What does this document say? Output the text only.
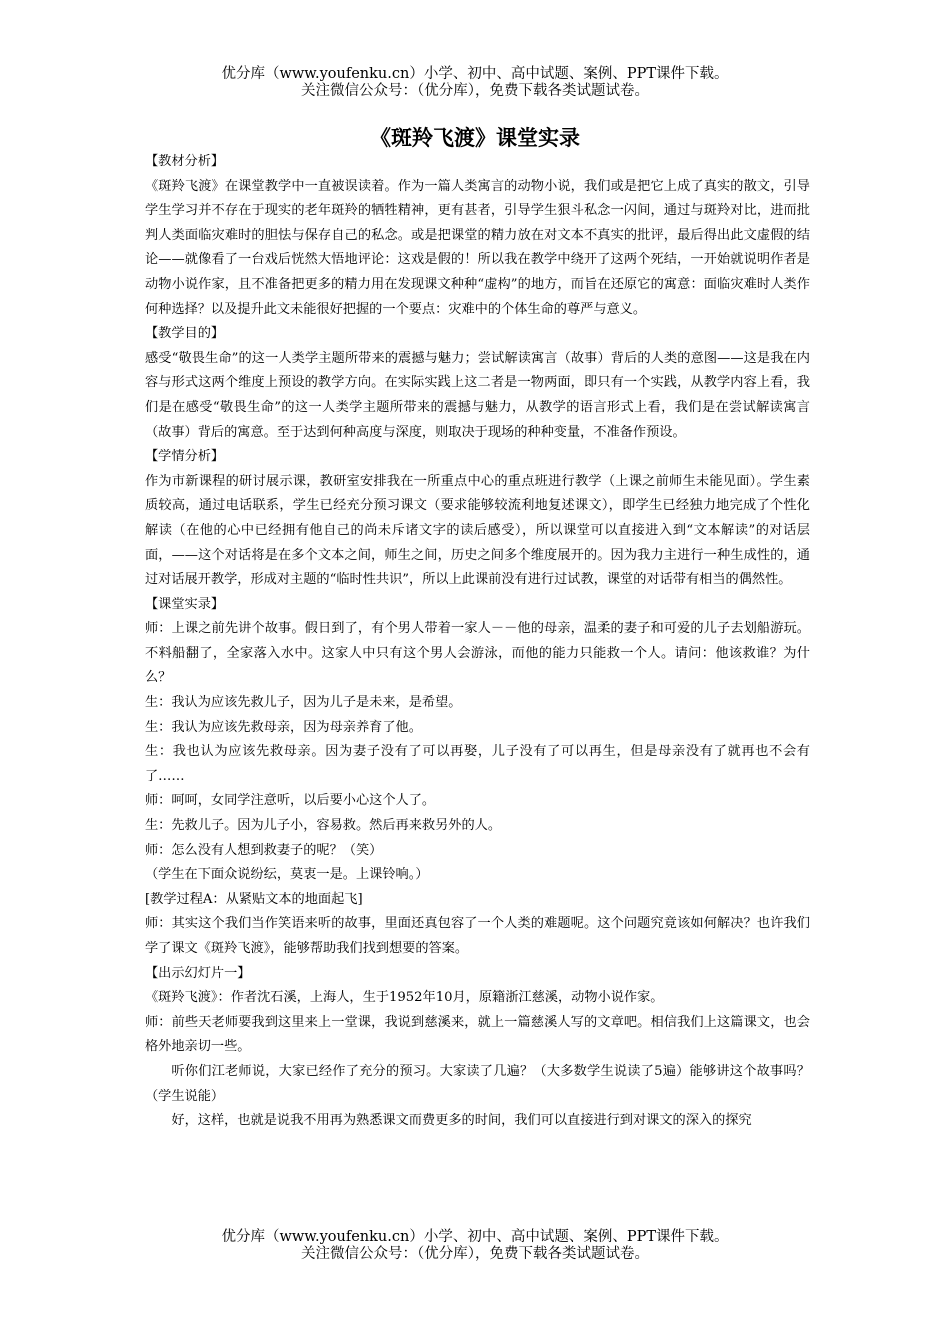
优分库（www.youfenku.cn）小学、初中、高中试题、案例、PPT课件下载。
关注微信公众号：（优分库），免费下载各类试题试卷。
《斑羚飞渡》课堂实录

【教材分析】

《斑羚飞渡》在课堂教学中一直被误读着。作为一篇人类寓言的动物小说，我们或是把它上成了真实的散文，引导学生学习并不存在于现实的老年斑羚的牺牲精神，更有甚者，引导学生狠斗私念一闪间，通过与斑羚对比，进而批判人类面临灾难时的胆怯与保存自己的私念。或是把课堂的精力放在对文本不真实的批评，最后得出此文虚假的结论——就像看了一台戏后恍然大悟地评论：这戏是假的！所以我在教学中绕开了这两个死结，一开始就说明作者是动物小说作家，且不准备把更多的精力用在发现课文种种“虚构”的地方，而旨在还原它的寓意：面临灾难时人类作何种选择？以及提升此文未能很好把握的一个要点：灾难中的个体生命的尊严与意义。

【教学目的】

感受“敬畏生命”的这一人类学主题所带来的震撼与魅力；尝试解读寓言（故事）背后的人类的意图——这是我在内容与形式这两个维度上预设的教学方向。在实际实践上这二者是一物两面，即只有一个实践，从教学内容上看，我们是在感受“敬畏生命”的这一人类学主题所带来的震撼与魅力，从教学的语言形式上看，我们是在尝试解读寓言（故事）背后的寓意。至于达到何种高度与深度，则取决于现场的种种变量，不准备作预设。

【学情分析】

作为市新课程的研讨展示课，教研室安排我在一所重点中心的重点班进行教学（上课之前师生未能见面）。学生素质较高，通过电话联系，学生已经充分预习课文（要求能够较流利地复述课文），即学生已经独力地完成了个性化解读（在他的心中已经拥有他自己的尚未斥诸文字的读后感受），所以课堂可以直接进入到“文本解读”的对话层面，——这个对话将是在多个文本之间，师生之间，历史之间多个维度展开的。因为我力主进行一种生成性的，通过对话展开教学，形成对主题的“临时性共识”，所以上此课前没有进行过试教，课堂的对话带有相当的偶然性。

【课堂实录】

师：上课之前先讲个故事。假日到了，有个男人带着一家人－－他的母亲，温柔的妻子和可爱的儿子去划船游玩。不料船翻了，全家落入水中。这家人中只有这个男人会游泳，而他的能力只能救一个人。请问：他该救谁？为什么？

生：我认为应该先救儿子，因为儿子是未来，是希望。

生：我认为应该先救母亲，因为母亲养育了他。

生：我也认为应该先救母亲。因为妻子没有了可以再娶，儿子没有了可以再生，但是母亲没有了就再也不会有了……

师：呵呵，女同学注意听，以后要小心这个人了。

生：先救儿子。因为儿子小，容易救。然后再来救另外的人。

师：怎么没有人想到救妻子的呢？（笑）

（学生在下面众说纷纭，莫衷一是。上课铃响。）

[教学过程A：从紧贴文本的地面起飞]

师：其实这个我们当作笑语来听的故事，里面还真包容了一个人类的难题呢。这个问题究竟该如何解决？也许我们学了课文《斑羚飞渡》，能够帮助我们找到想要的答案。

【出示幻灯片一】

《斑羚飞渡》：作者沈石溪，上海人，生于1952年10月，原籍浙江慈溪，动物小说作家。

师：前些天老师要我到这里来上一堂课，我说到慈溪来，就上一篇慈溪人写的文章吧。相信我们上这篇课文，也会格外地亲切一些。

听你们江老师说，大家已经作了充分的预习。大家读了几遍？（大多数学生说读了5遍）能够讲这个故事吗？（学生说能）

好，这样，也就是说我不用再为熟悉课文而费更多的时间，我们可以直接进行到对课文的深入的探究

优分库（www.youfenku.cn）小学、初中、高中试题、案例、PPT课件下载。
关注微信公众号：（优分库），免费下载各类试题试卷。
